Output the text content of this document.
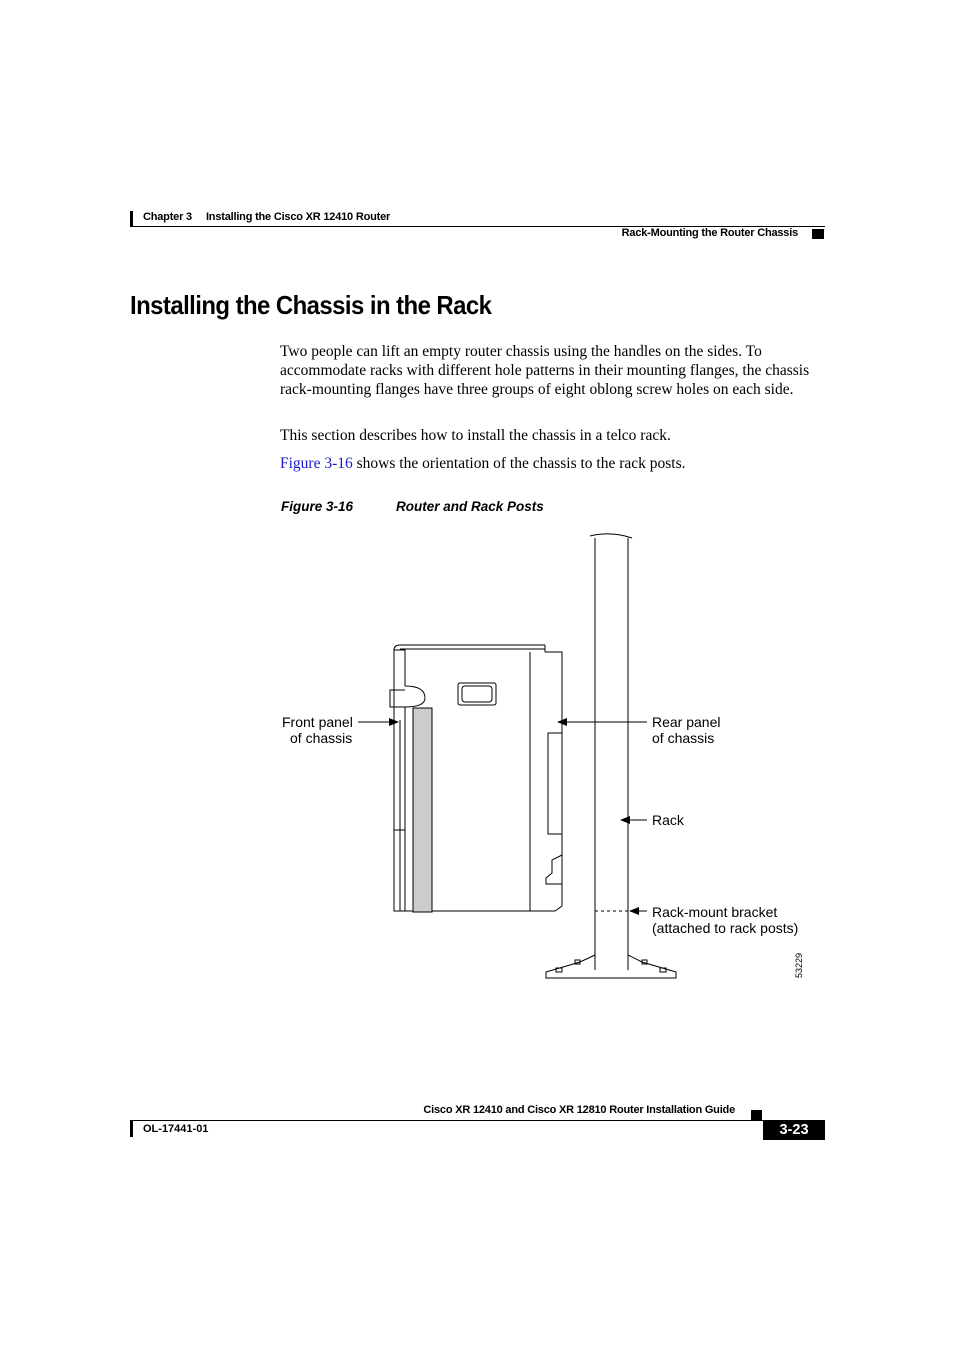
Chapter 3 Installing the Cisco XR 12410 Router
Rack-Mounting the Router Chassis
Installing the Chassis in the Rack

Two people can lift an empty router chassis using the handles on the sides. To accommodate racks with different hole patterns in their mounting flanges, the chassis rack-mounting flanges have three groups of eight oblong screw holes on each side.

This section describes how to install the chassis in a telco rack.

Figure 3-16 shows the orientation of the chassis to the rack posts.

Figure 3-16	Router and Rack Posts
Front panel
of chassis
Rear panel
of chassis
Rack
Rack-mount bracket
(attached to rack posts)
53229
Cisco XR 12410 and Cisco XR 12810 Router Installation Guide
OL-17441-01	3-23
